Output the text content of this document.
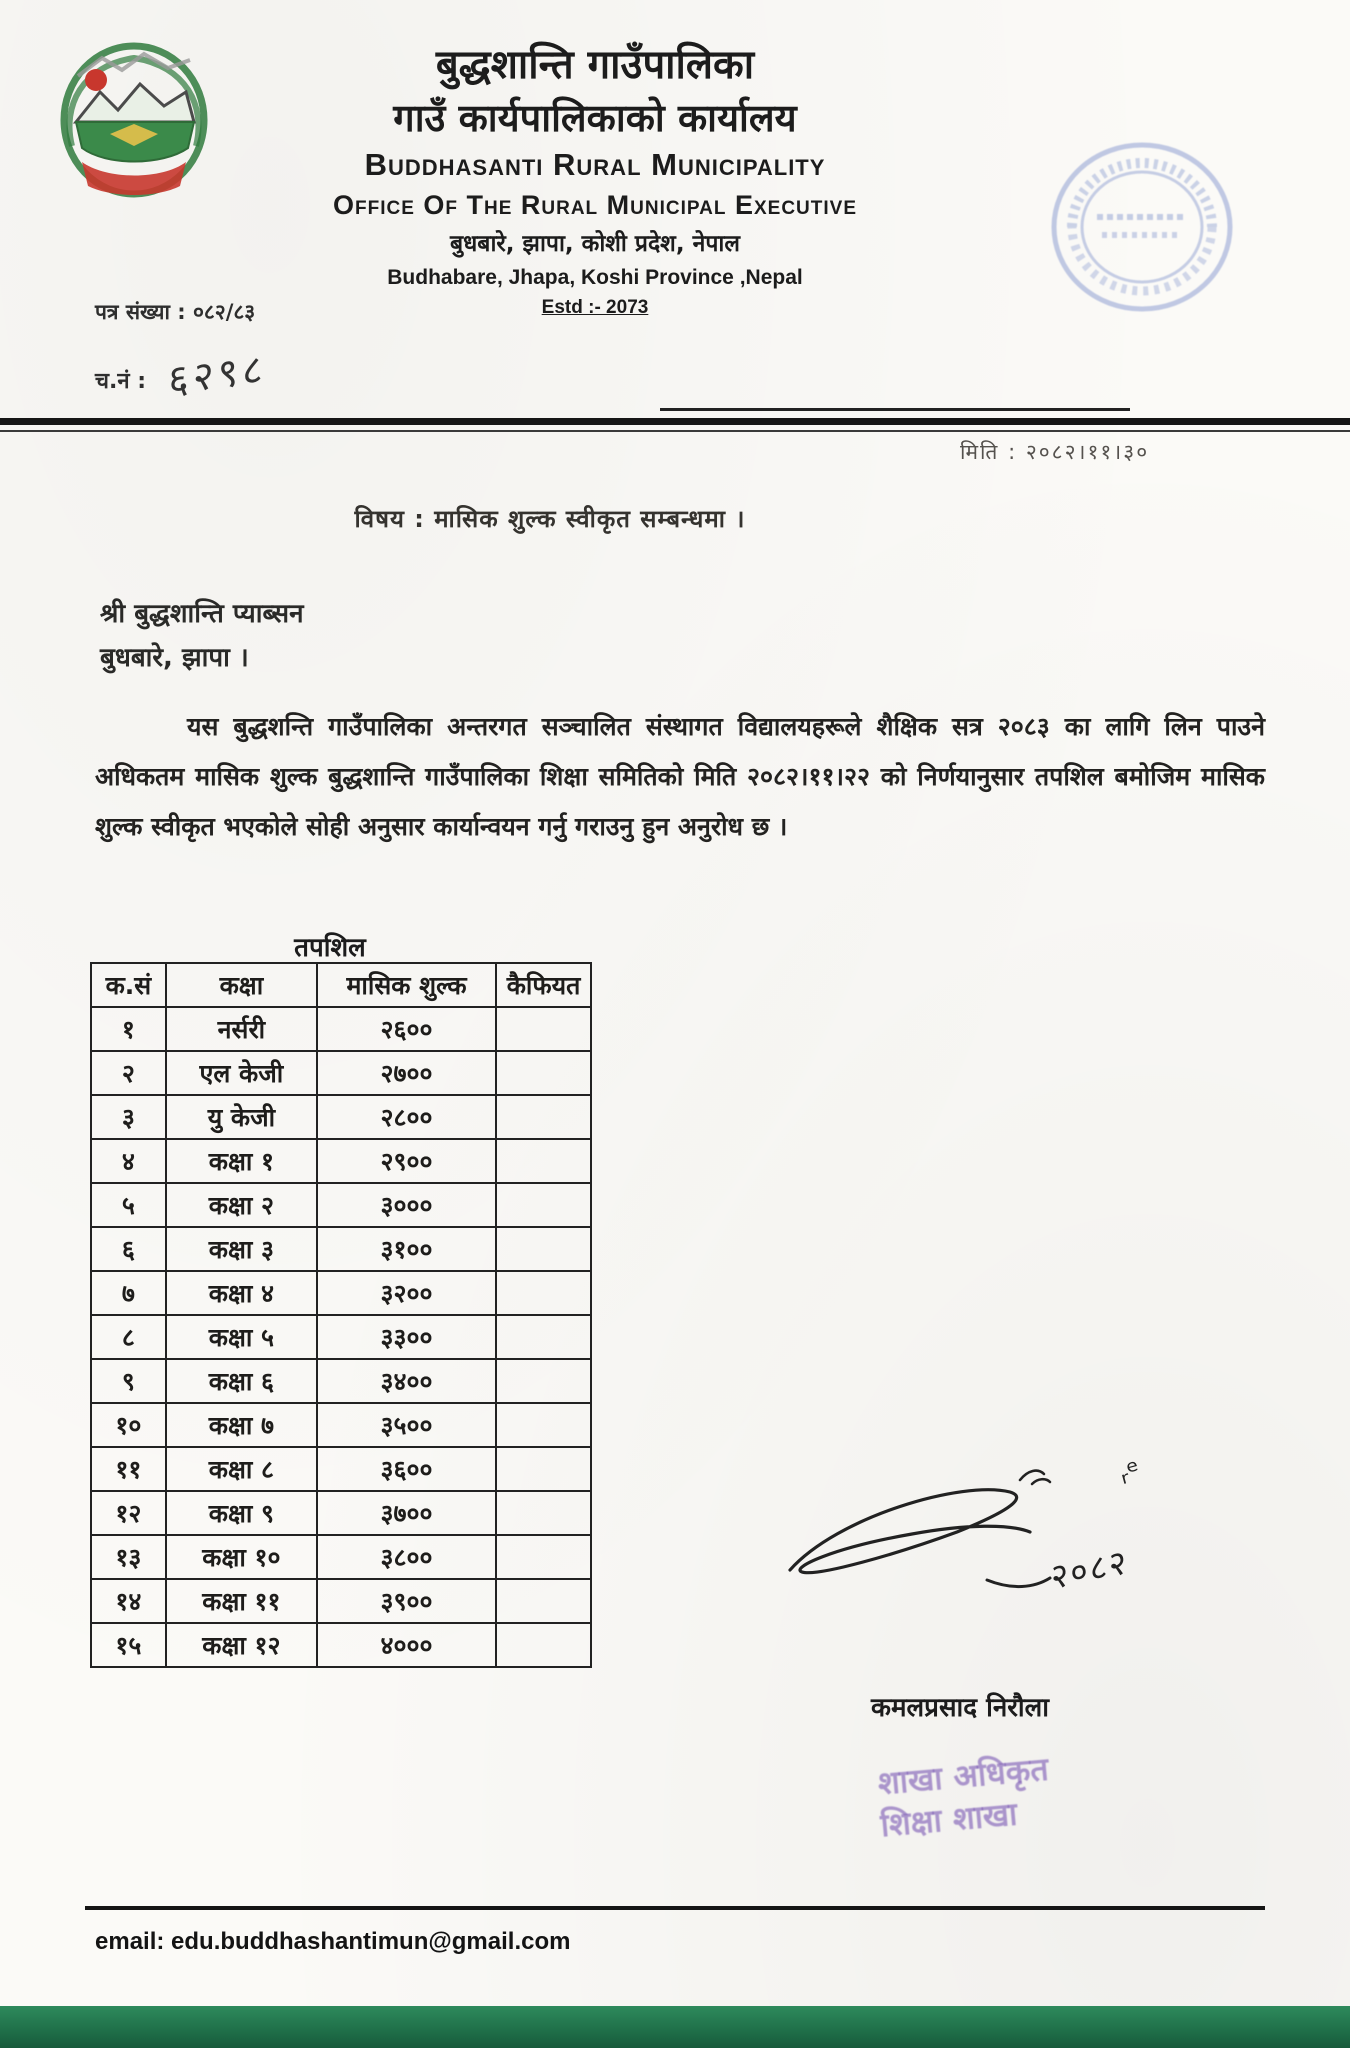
बुद्धशान्ति गाउँपालिका
गाउँ कार्यपालिकाको कार्यालय
Buddhasanti Rural Municipality
Office Of The Rural Municipal Executive
बुधबारे, झापा, कोशी प्रदेश, नेपाल
Budhabare, Jhapa, Koshi Province ,Nepal
Estd :- 2073
पत्र संख्या : ०८२/८३
च.नं : ६२९८
मिति : २०८२।११।३०
विषय : मासिक शुल्क स्वीकृत सम्बन्धमा ।
श्री बुद्धशान्ति प्याब्सन
बुधबारे, झापा ।
यस बुद्धशन्ति गाउँपालिका अन्तरगत सञ्चालित संस्थागत विद्यालयहरूले शैक्षिक सत्र २०८३ का लागि लिन पाउने अधिकतम मासिक शुल्क बुद्धशान्ति गाउँपालिका शिक्षा समितिको मिति २०८२।११।२२ को निर्णयानुसार तपशिल बमोजिम मासिक शुल्क स्वीकृत भएकोले सोही अनुसार कार्यान्वयन गर्नु गराउनु हुन अनुरोध छ ।
तपशिल
क.सं	कक्षा	मासिक शुल्क	कैफियत
१	नर्सरी	२६००	
२	एल केजी	२७००	
३	यु केजी	२८००	
४	कक्षा १	२९००	
५	कक्षा २	३०००	
६	कक्षा ३	३१००	
७	कक्षा ४	३२००	
८	कक्षा ५	३३००	
९	कक्षा ६	३४००	
१०	कक्षा ७	३५००	
११	कक्षा ८	३६००	
१२	कक्षा ९	३७००	
१३	कक्षा १०	३८००	
१४	कक्षा ११	३९००	
१५	कक्षा १२	४०००	
ᵣᵉ
२०८२
कमलप्रसाद निरौला
शाखा अधिकृत
शिक्षा शाखा
email: edu.buddhashantimun@gmail.com
